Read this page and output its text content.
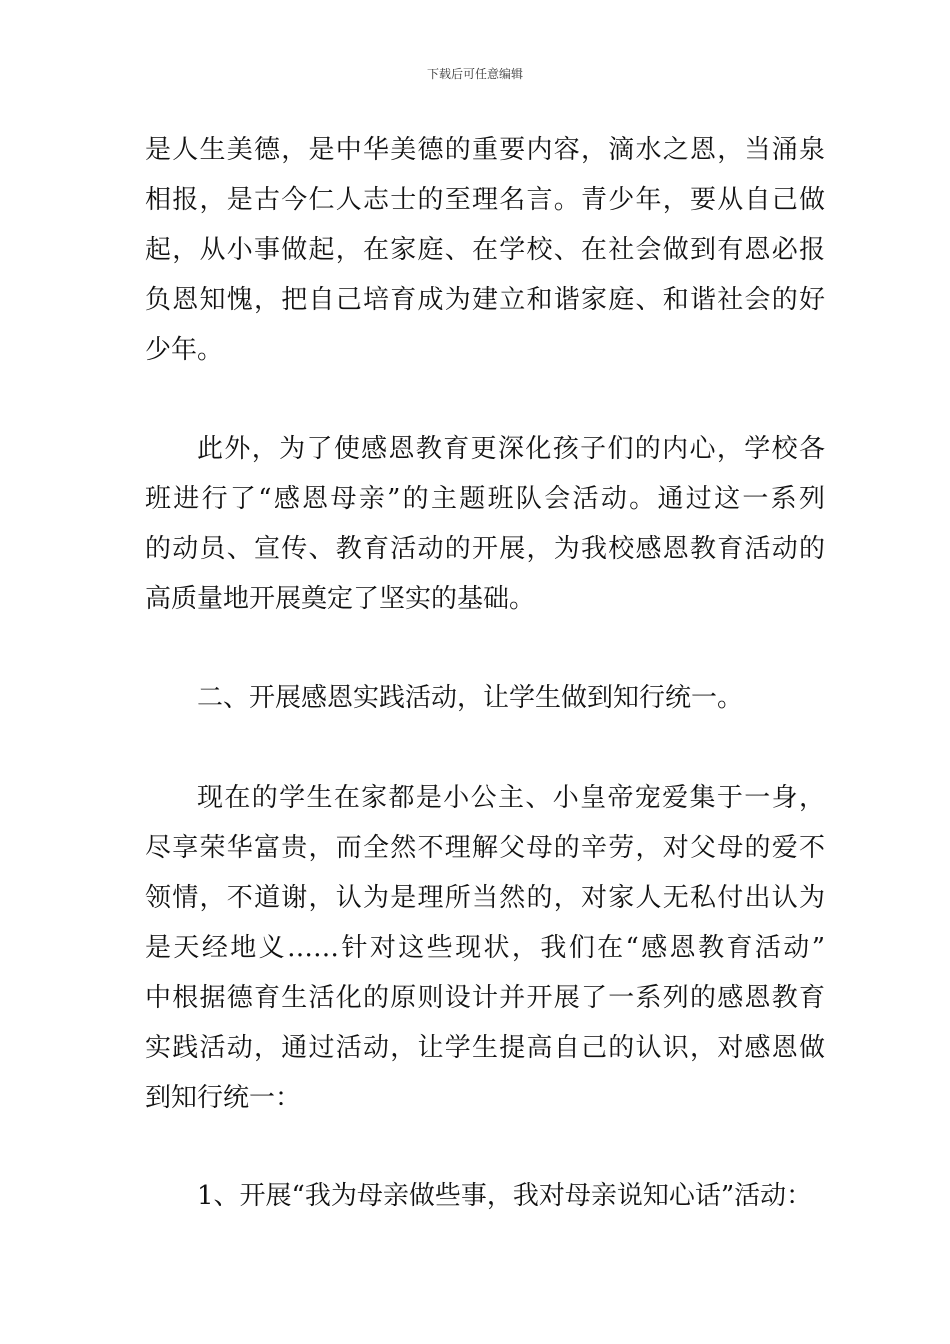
下载后可任意编辑
是人生美德，是中华美德的重要内容，滴水之恩，当涌泉
相报，是古今仁人志士的至理名言。青少年，要从自己做
起，从小事做起，在家庭、在学校、在社会做到有恩必报
负恩知愧，把自己培育成为建立和谐家庭、和谐社会的好
少年。
此外，为了使感恩教育更深化孩子们的内心，学校各
班进行了“感恩母亲”的主题班队会活动。通过这一系列
的动员、宣传、教育活动的开展，为我校感恩教育活动的
高质量地开展奠定了坚实的基础。
二、开展感恩实践活动，让学生做到知行统一。
现在的学生在家都是小公主、小皇帝宠爱集于一身，
尽享荣华富贵，而全然不理解父母的辛劳，对父母的爱不
领情，不道谢，认为是理所当然的，对家人无私付出认为
是天经地义……针对这些现状，我们在“感恩教育活动”
中根据德育生活化的原则设计并开展了一系列的感恩教育
实践活动，通过活动，让学生提高自己的认识，对感恩做
到知行统一：
1、开展“我为母亲做些事，我对母亲说知心话”活动：
